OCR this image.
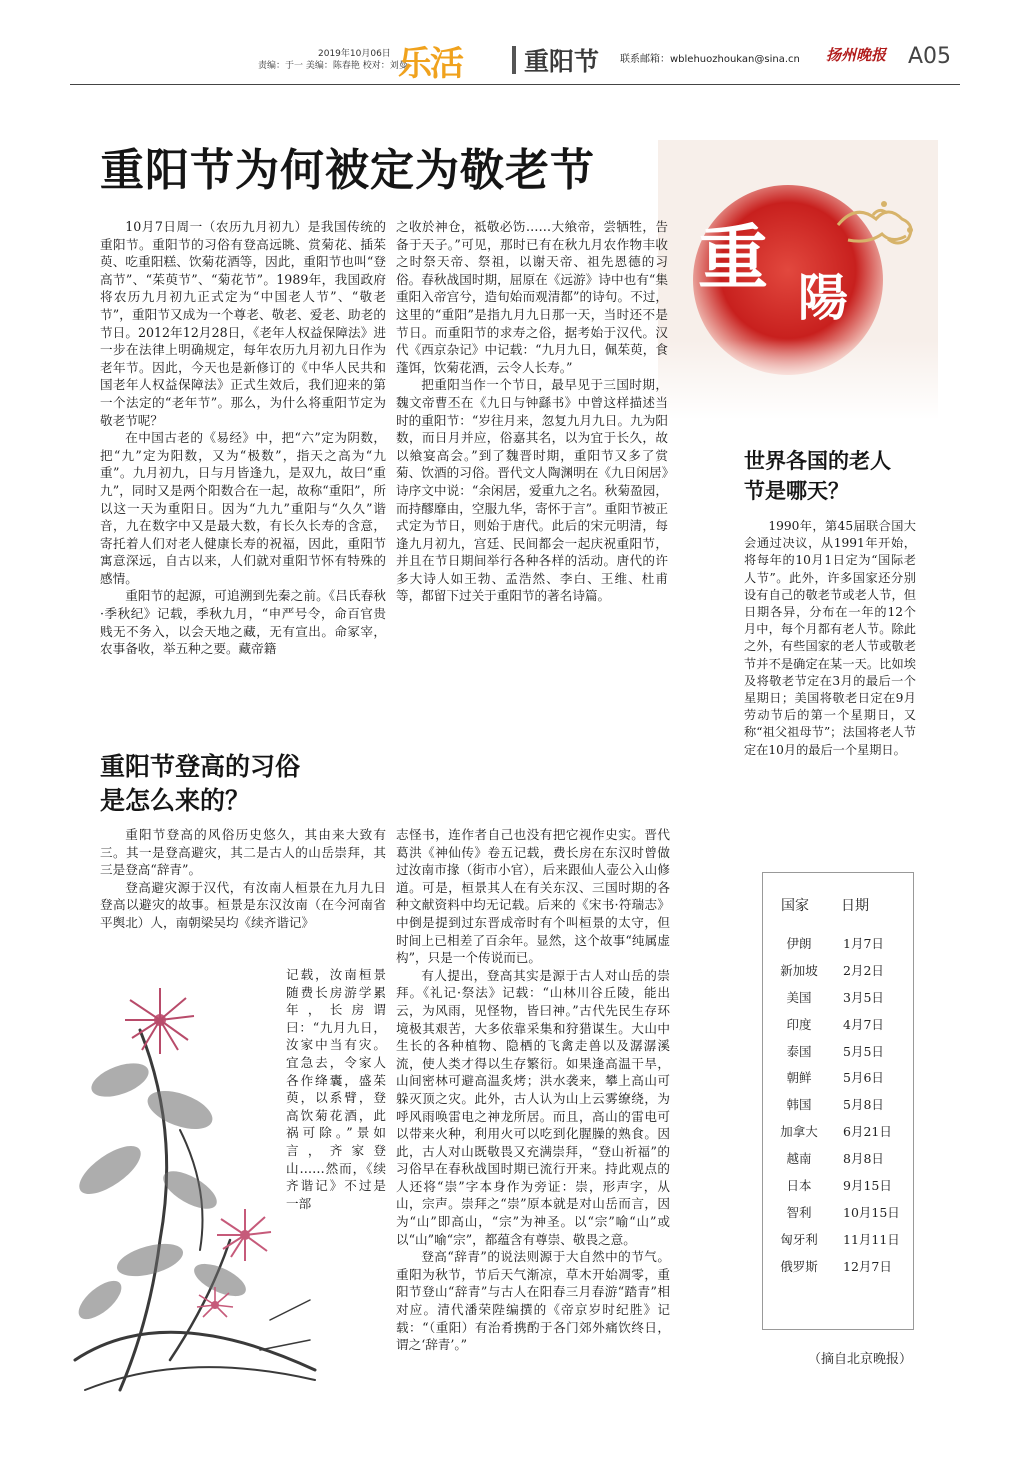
2019年10月06日
责编：于一 美编：陈春艳 校对：刘曼
乐活 重阳节 联系邮箱：wblehuozhoukan@sina.cn 扬州晚报 A05
重阳节为何被定为敬老节
重 陽

10月7日周一（农历九月初九）是我国传统的重阳节。重阳节的习俗有登高远眺、赏菊花、插茱萸、吃重阳糕、饮菊花酒等，因此，重阳节也叫“登高节”、“茱萸节”、“菊花节”。1989年，我国政府将农历九月初九正式定为“中国老人节”、“敬老节”，重阳节又成为一个尊老、敬老、爱老、助老的节日。2012年12月28日，《老年人权益保障法》进一步在法律上明确规定，每年农历九月初九日作为老年节。因此，今天也是新修订的《中华人民共和国老年人权益保障法》正式生效后，我们迎来的第一个法定的“老年节”。那么，为什么将重阳节定为敬老节呢？

在中国古老的《易经》中，把“六”定为阴数，把“九”定为阳数，又为“极数”，指天之高为“九重”。九月初九，日与月皆逢九，是双九，故曰“重九”，同时又是两个阳数合在一起，故称“重阳”，所以这一天为重阳日。因为“九九”重阳与“久久”谐音，九在数字中又是最大数，有长久长寿的含意，寄托着人们对老人健康长寿的祝福，因此，重阳节寓意深远，自古以来，人们就对重阳节怀有特殊的感情。

重阳节的起源，可追溯到先秦之前。《吕氏春秋·季秋纪》记载，季秋九月，“申严号令，命百官贵贱无不务入，以会天地之藏，无有宣出。命冢宰，农事备收，举五种之要。藏帝籍

之收於神仓，祗敬必饬……大飨帝，尝牺牲，告备于天子。”可见，那时已有在秋九月农作物丰收之时祭天帝、祭祖，以谢天帝、祖先恩德的习俗。春秋战国时期，屈原在《远游》诗中也有“集重阳入帝宫兮，造旬始而观清都”的诗句。不过，这里的“重阳”是指九月九日那一天，当时还不是节日。而重阳节的求寿之俗，据考始于汉代。汉代《西京杂记》中记载：“九月九日，佩茱萸，食蓬饵，饮菊花酒，云令人长寿。”

把重阳当作一个节日，最早见于三国时期，魏文帝曹丕在《九日与钟繇书》中曾这样描述当时的重阳节：“岁往月来，忽复九月九日。九为阳数，而日月并应，俗嘉其名，以为宜于长久，故以飨宴高会。”到了魏晋时期，重阳节又多了赏菊、饮酒的习俗。晋代文人陶渊明在《九日闲居》诗序文中说：“余闲居，爱重九之名。秋菊盈园，而持醪靡由，空服九华，寄怀于言”。重阳节被正式定为节日，则始于唐代。此后的宋元明清，每逢九月初九，宫廷、民间都会一起庆祝重阳节，并且在节日期间举行各种各样的活动。唐代的许多大诗人如王勃、孟浩然、李白、王维、杜甫等，都留下过关于重阳节的著名诗篇。

世界各国的老人
节是哪天？

1990年，第45届联合国大会通过决议，从1991年开始，将每年的10月1日定为“国际老人节”。此外，许多国家还分别设有自己的敬老节或老人节，但日期各异，分布在一年的12个月中，每个月都有老人节。除此之外，有些国家的老人节或敬老节并不是确定在某一天。比如埃及将敬老节定在3月的最后一个星期日；美国将敬老日定在9月劳动节后的第一个星期日，又称“祖父祖母节”；法国将老人节定在10月的最后一个星期日。

国家 日期
伊朗	1月7日
新加坡 2月2日
美国	3月5日
印度	4月7日
泰国	5月5日
朝鲜	5月6日
韩国	5月8日
加拿大 6月21日
越南	8月8日
日本	9月15日
智利	10月15日
匈牙利 11月11日
俄罗斯 12月7日
（摘自北京晚报）
重阳节登高的习俗
是怎么来的？

重阳节登高的风俗历史悠久，其由来大致有三。其一是登高避灾，其二是古人的山岳崇拜，其三是登高“辞青”。

登高避灾源于汉代，有汝南人桓景在九月九日登高以避灾的故事。桓景是东汉汝南（在今河南省平舆北）人，南朝梁吴均《续齐谐记》

记载，汝南桓景随费长房游学累年，长房谓曰：“九月九日，汝家中当有灾。宜急去，令家人各作绛囊，盛茱萸，以系臂，登高饮菊花酒，此祸可除。”景如言，齐家登山……然而，《续齐谐记》不过是一部

志怪书，连作者自己也没有把它视作史实。晋代葛洪《神仙传》卷五记载，费长房在东汉时曾做过汝南市掾（街市小官），后来跟仙人壶公入山修道。可是，桓景其人在有关东汉、三国时期的各种文献资料中均无记载。后来的《宋书·符瑞志》中倒是提到过东晋成帝时有个叫桓景的太守，但时间上已相差了百余年。显然，这个故事“纯属虚构”，只是一个传说而已。

有人提出，登高其实是源于古人对山岳的崇拜。《礼记·祭法》记载：“山林川谷丘陵，能出云，为风雨，见怪物，皆曰神。”古代先民生存环境极其艰苦，大多依靠采集和狩猎谋生。大山中生长的各种植物、隐栖的飞禽走兽以及潺潺溪流，使人类才得以生存繁衍。如果逢高温干旱，山间密林可避高温炙烤；洪水袭来，攀上高山可躲灭顶之灾。此外，古人认为山上云雾缭绕，为呼风雨唤雷电之神龙所居。而且，高山的雷电可以带来火种，利用火可以吃到化腥臊的熟食。因此，古人对山既敬畏又充满崇拜，“登山祈福”的习俗早在春秋战国时期已流行开来。持此观点的人还将“崇”字本身作为旁证：崇，形声字，从山，宗声。崇拜之“崇”原本就是对山岳而言，因为“山”即高山，“宗”为神圣。以“宗”喻“山”或以“山”喻“宗”，都蕴含有尊崇、敬畏之意。

登高“辞青”的说法则源于大自然中的节气。重阳为秋节，节后天气渐凉，草木开始凋零，重阳节登山“辞青”与古人在阳春三月春游“踏青”相对应。清代潘荣陛编撰的《帝京岁时纪胜》记载：“（重阳）有治肴携酌于各门郊外痛饮终日，谓之‘辞青’。”
